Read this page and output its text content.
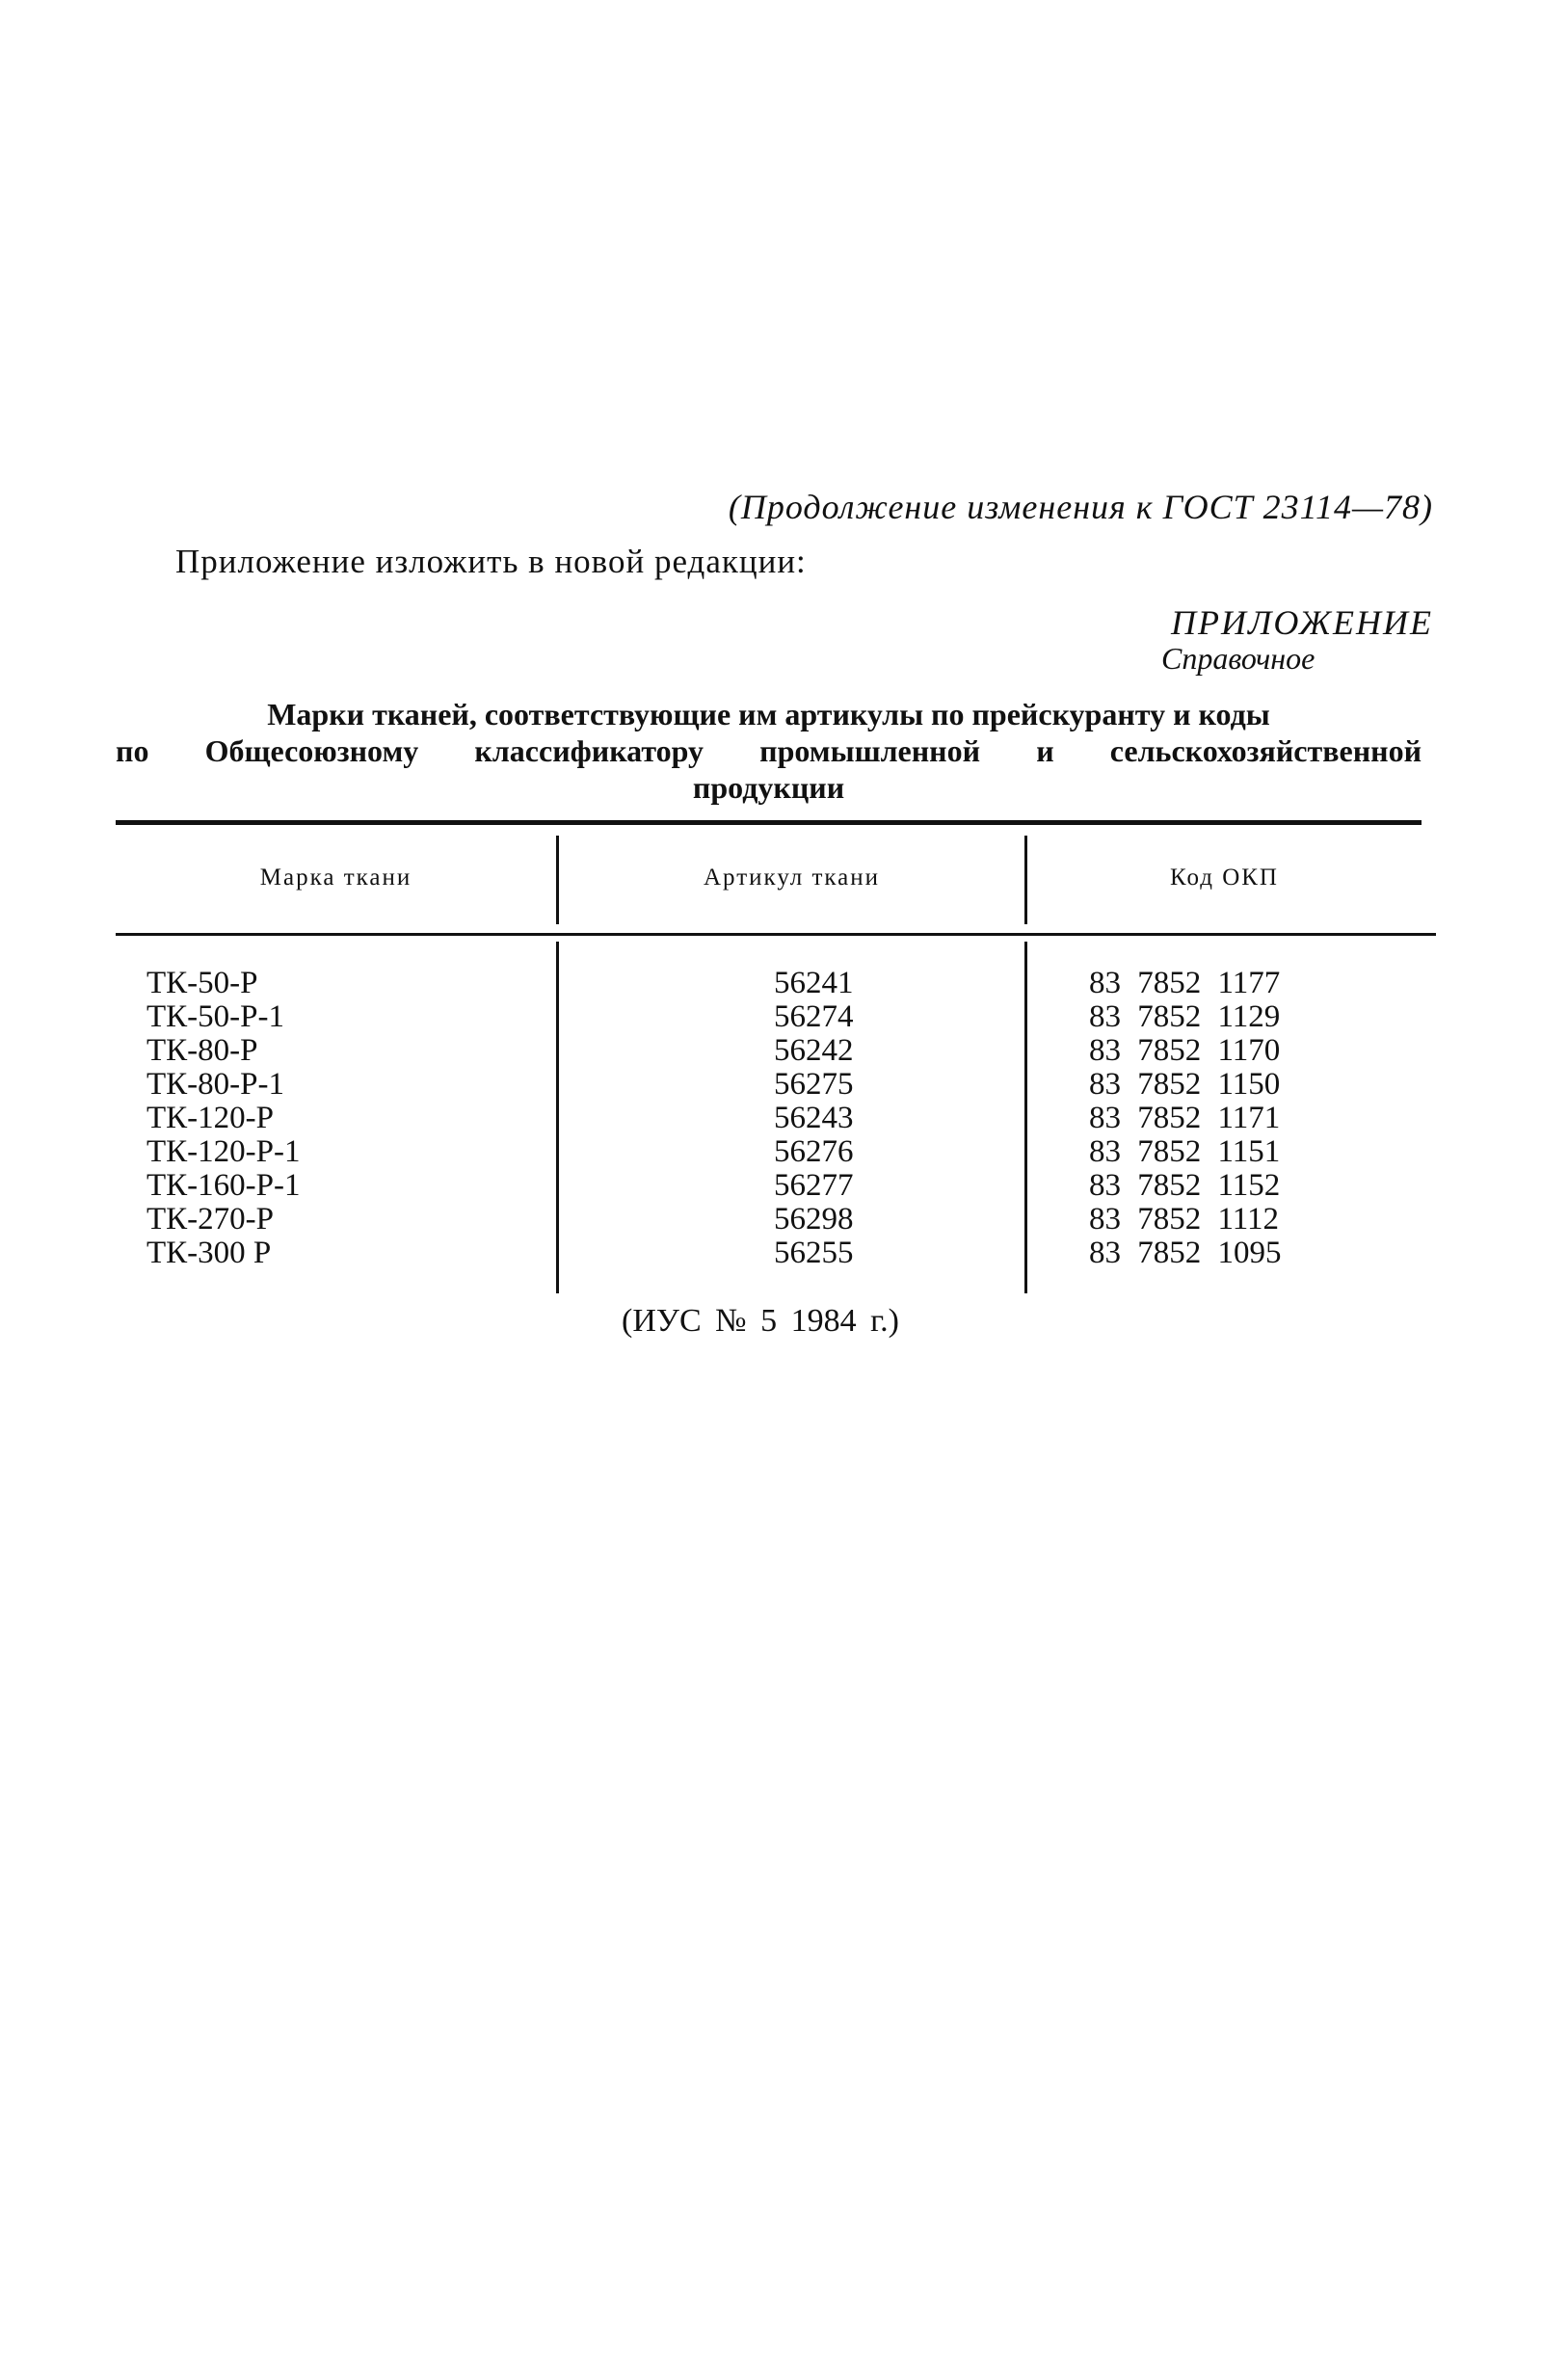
(Продолжение изменения к ГОСТ 23114—78)
Приложение изложить в новой редакции:
ПРИЛОЖЕНИЕ
Справочное
Марки тканей, соответствующие им артикулы по прейскуранту и коды
по Общесоюзному классификатору промышленной и сельскохозяйственной
продукции
Марка ткани	Артикул ткани	Код ОКП
ТК-50-Р	56241	83 7852 1177
ТК-50-Р-1	56274	83 7852 1129
ТК-80-Р	56242	83 7852 1170
ТК-80-Р-1	56275	83 7852 1150
ТК-120-Р	56243	83 7852 1171
ТК-120-Р-1	56276	83 7852 1151
ТК-160-Р-1	56277	83 7852 1152
ТК-270-Р	56298	83 7852 1112
ТК-300 Р	56255	83 7852 1095
(ИУС № 5 1984 г.)
